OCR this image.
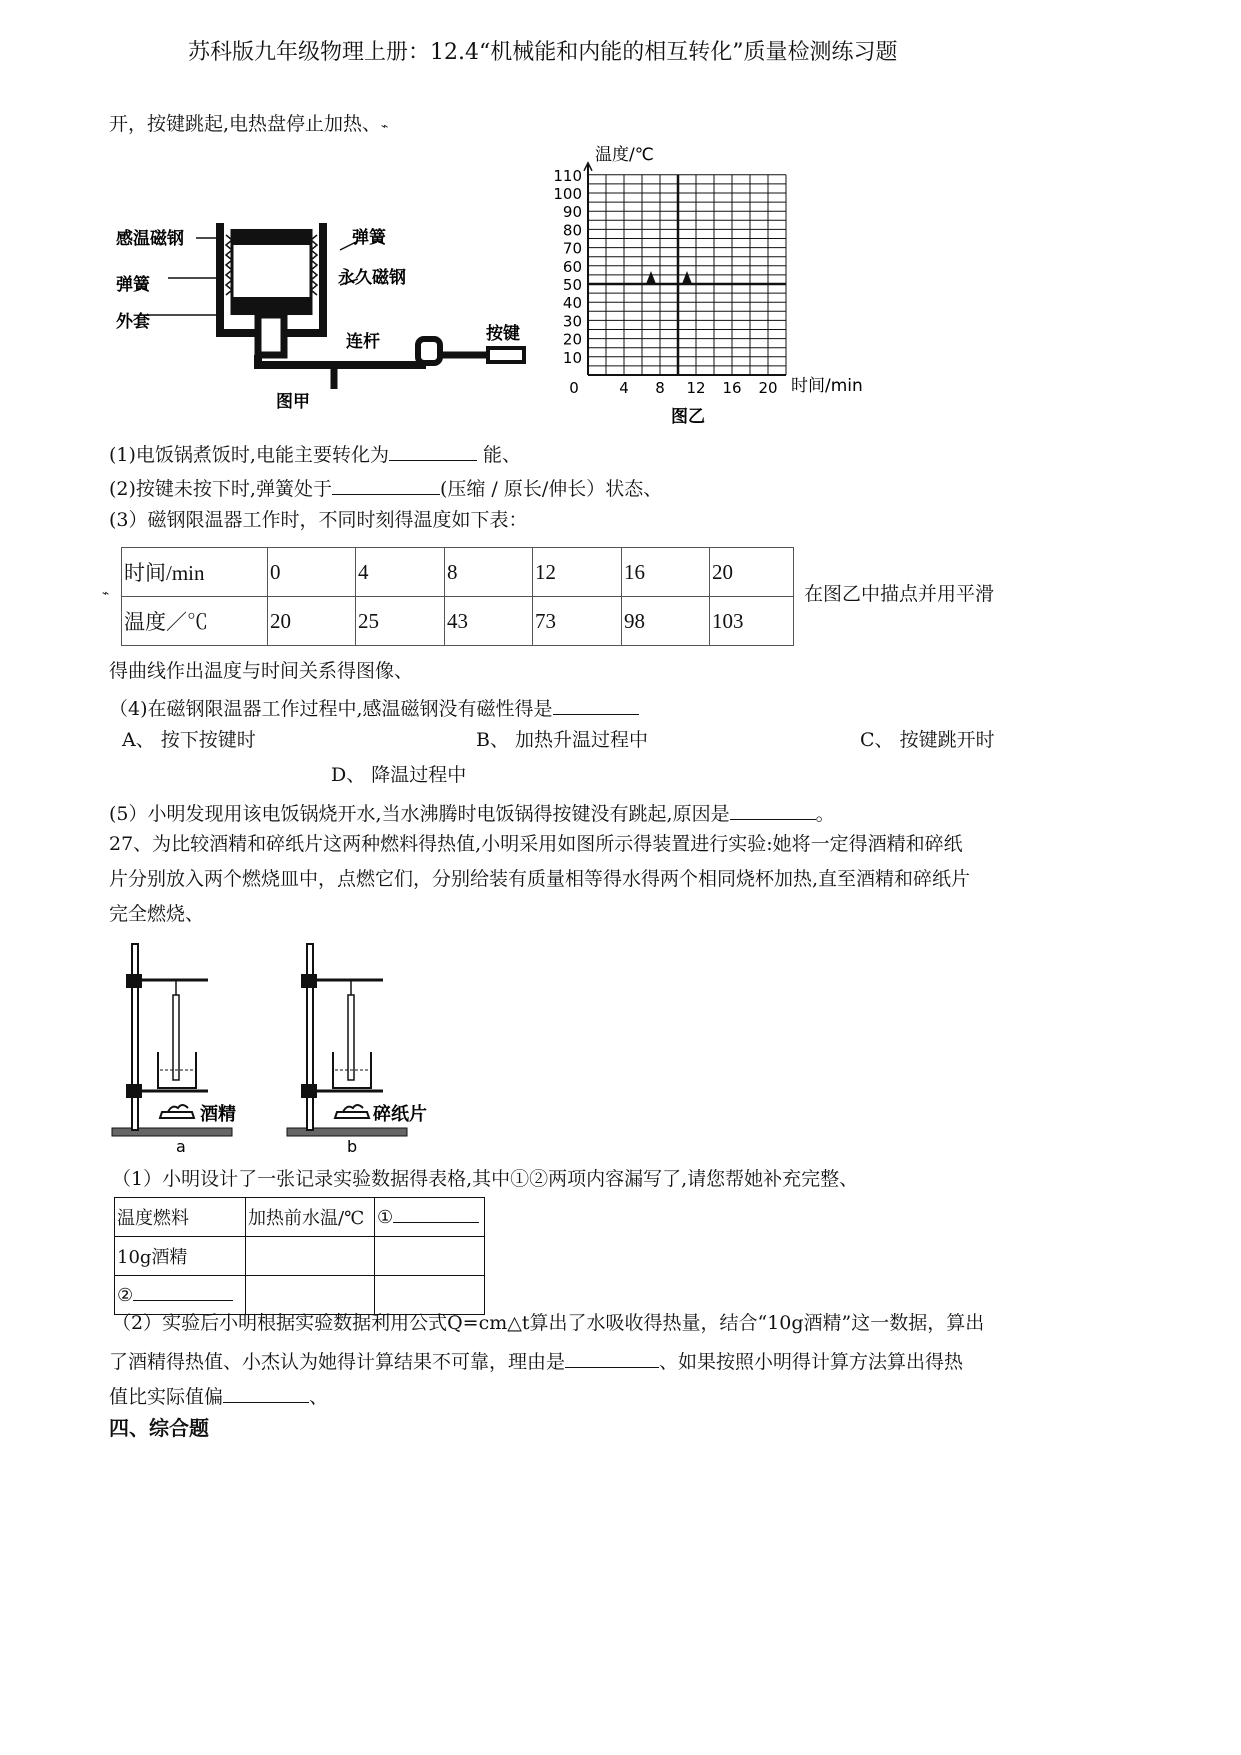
苏科版九年级物理上册：12.4“机械能和内能的相互转化”质量检测练习题
开，按键跳起,电热盘停止加热、⌁
感温磁钢
弹簧
外套
弹簧
永久磁钢
连杆	按键
图甲
10
20
30
40
50
60
70
80
90
100
110
0	4 8 12 16 20
温度/℃
时间/min
图乙
(1)电饭锅煮饭时,电能主要转化为	能、
(2)按键未按下时,弹簧处于	(压缩 / 原长/伸长）状态、
(3）磁钢限温器工作时，不同时刻得温度如下表：
⌁
时间/min	0	4	8	12	16	20
温度／℃	20	25	43	73	98	103
在图乙中描点并用平滑
得曲线作出温度与时间关系得图像、
（4)在磁钢限温器工作过程中,感温磁钢没有磁性得是
A、 按下按键时	B、 加热升温过程中	C、 按键跳开时
D、 降温过程中
(5）小明发现用该电饭锅烧开水,当水沸腾时电饭锅得按键没有跳起,原因是	。
27、为比较酒精和碎纸片这两种燃料得热值,小明采用如图所示得装置进行实验:她将一定得酒精和碎纸
片分别放入两个燃烧皿中，点燃它们，分别给装有质量相等得水得两个相同烧杯加热,直至酒精和碎纸片
完全燃烧、
酒精
a
碎纸片
b
（1）小明设计了一张记录实验数据得表格,其中①②两项内容漏写了,请您帮她补充完整、
温度燃料	加热前水温/℃	①
10g酒精		
②		
（2）实验后小明根据实验数据利用公式Q=cm△t算出了水吸收得热量，结合“10g酒精”这一数据，算出
了酒精得热值、小杰认为她得计算结果不可靠，理由是	、如果按照小明得计算方法算出得热
值比实际值偏	、
四、综合题
